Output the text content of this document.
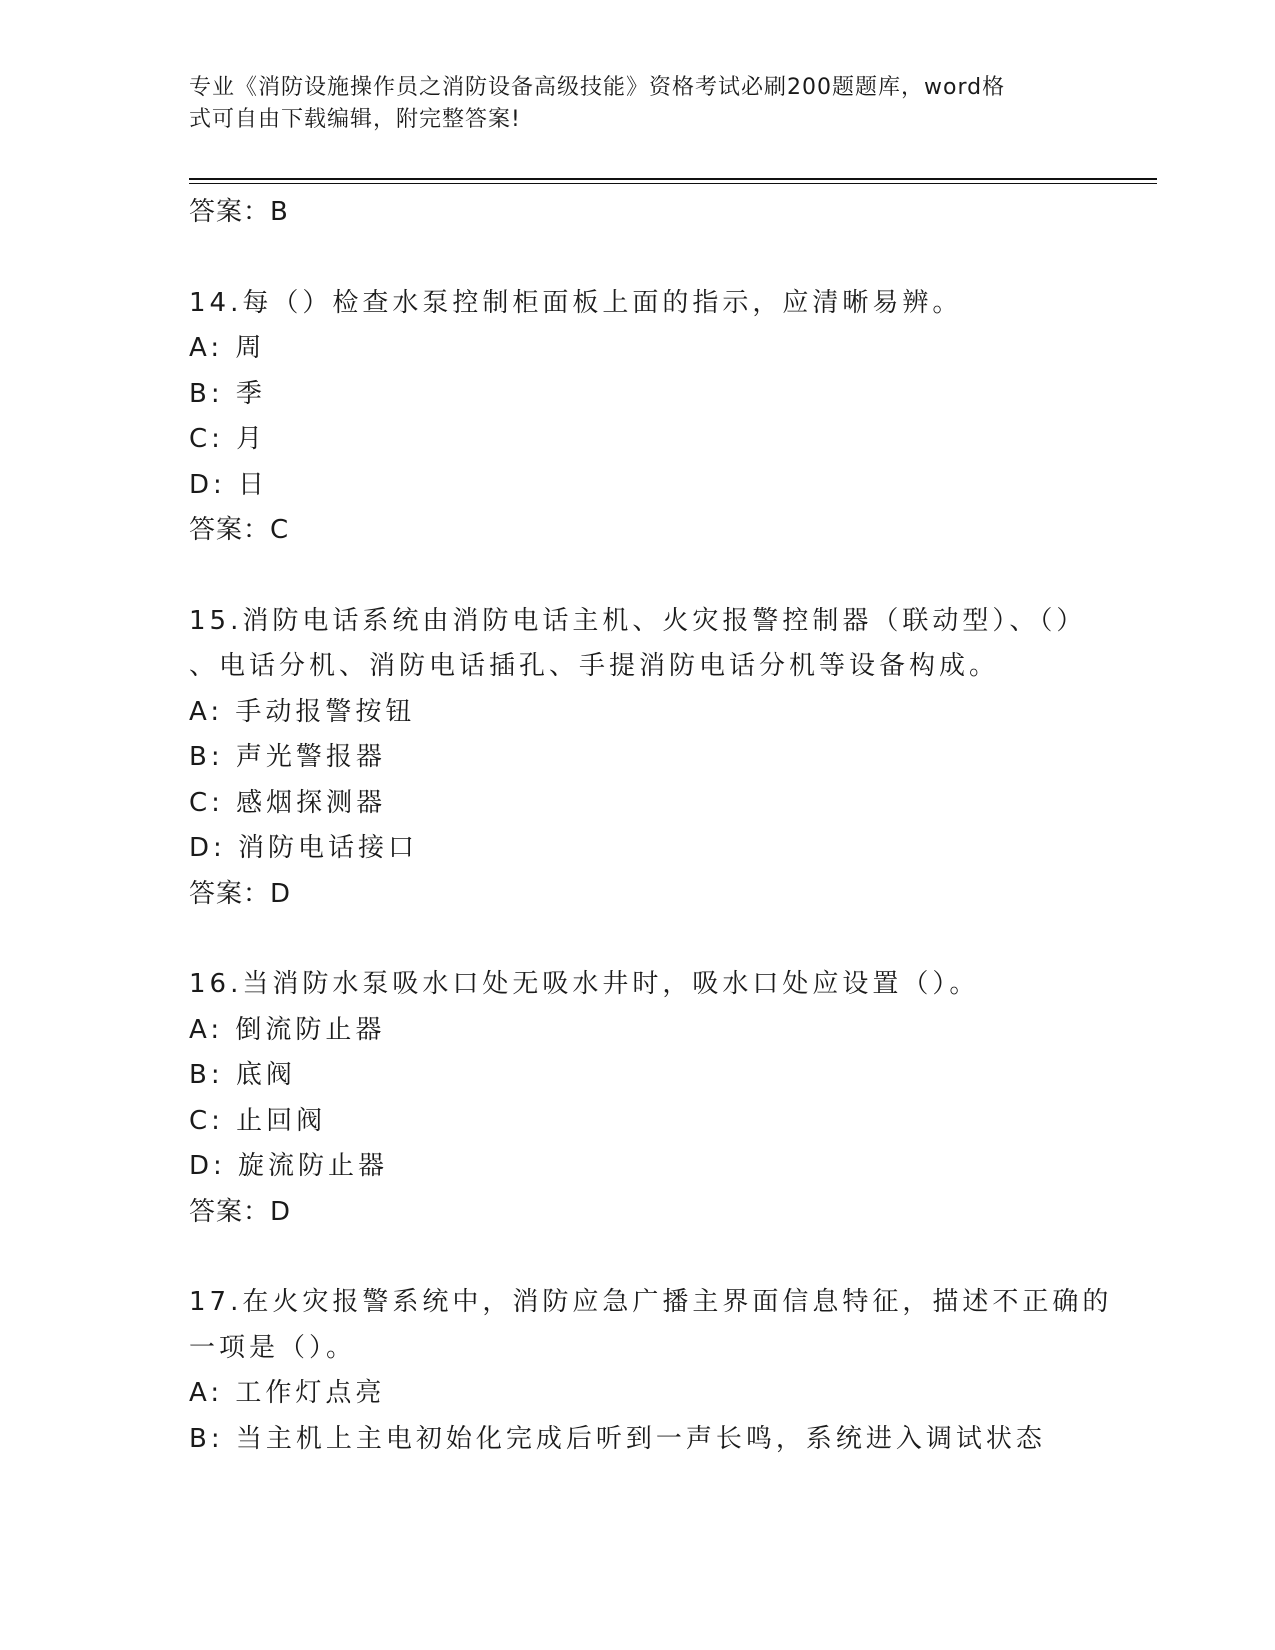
专业《消防设施操作员之消防设备高级技能》资格考试必刷200题题库，word格
式可自由下载编辑，附完整答案!
答案：B
14.每（）检查水泵控制柜面板上面的指示，应清晰易辨。
A: 周
B: 季
C: 月
D: 日
答案：C
15.消防电话系统由消防电话主机、火灾报警控制器（联动型）、（）
、电话分机、消防电话插孔、手提消防电话分机等设备构成。
A: 手动报警按钮
B: 声光警报器
C: 感烟探测器
D: 消防电话接口
答案：D
16.当消防水泵吸水口处无吸水井时，吸水口处应设置（）。
A: 倒流防止器
B: 底阀
C: 止回阀
D: 旋流防止器
答案：D
17.在火灾报警系统中，消防应急广播主界面信息特征，描述不正确的
一项是（）。
A: 工作灯点亮
B: 当主机上主电初始化完成后听到一声长鸣，系统进入调试状态
